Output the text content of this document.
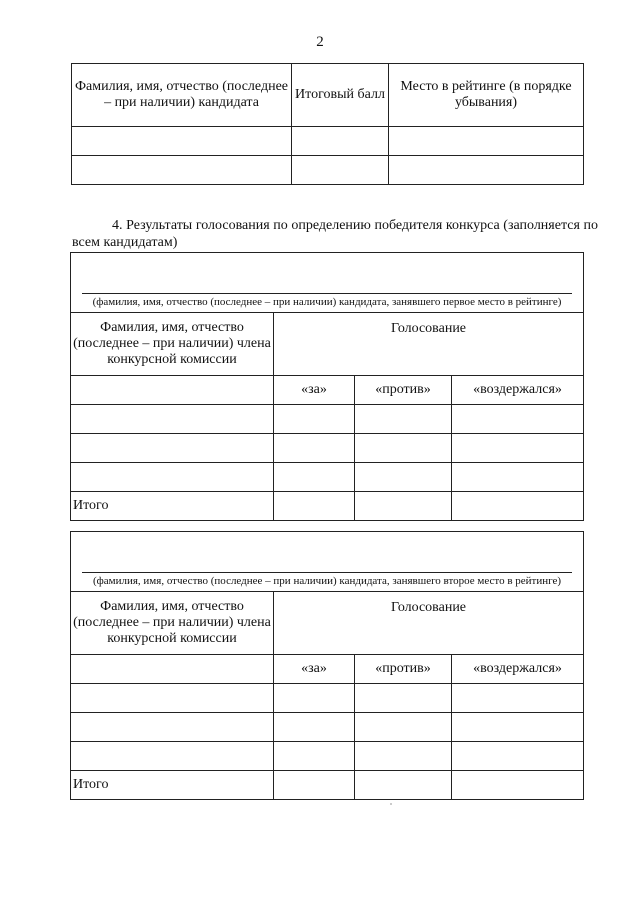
2
Фамилия, имя, отчество (последнее – при наличии) кандидата	Итоговый балл	Место в рейтинге (в порядке убывания)

4. Результаты голосования по определению победителя конкурса (заполняется по всем кандидатам)

(фамилия, имя, отчество (последнее – при наличии) кандидата, занявшего первое место в рейтинге)			

Фамилия, имя, отчество (последнее – при наличии) члена конкурсной комиссии	Голосование		

	«за»	«против»	«воздержался»

Итого			
(фамилия, имя, отчество (последнее – при наличии) кандидата, занявшего второе место в рейтинге)			

Фамилия, имя, отчество (последнее – при наличии) члена конкурсной комиссии	Голосование		

	«за»	«против»	«воздержался»

Итого			
